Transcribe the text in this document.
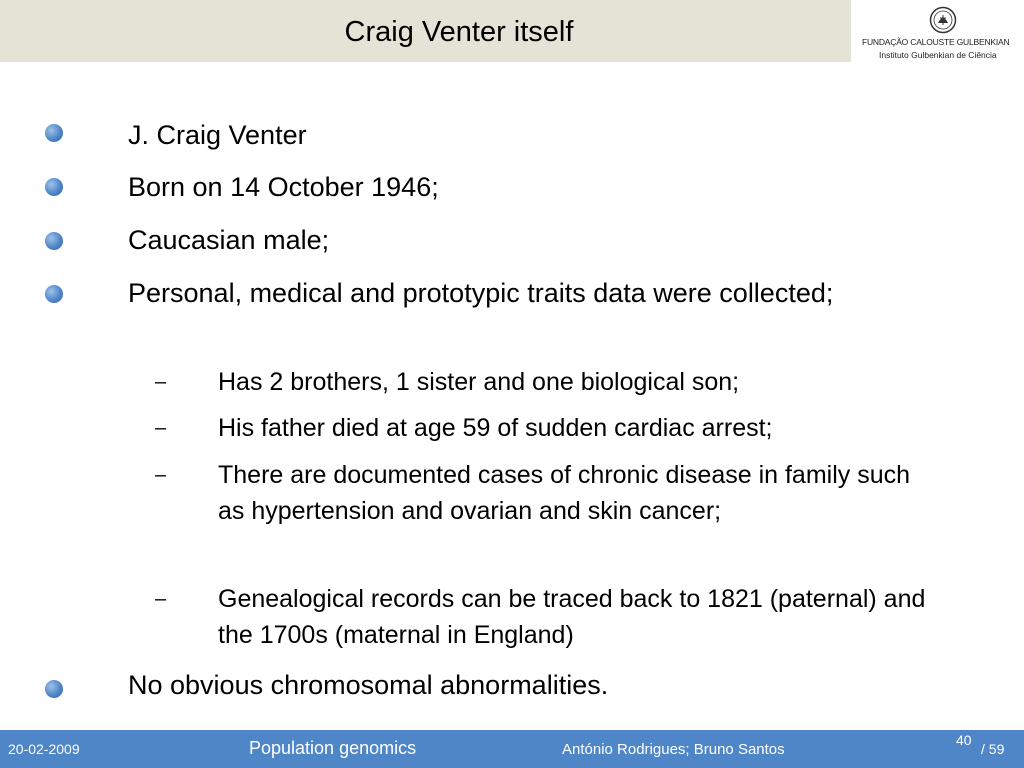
Craig Venter itself	FUNDAÇÃO CALOUSTE GULBENKIAN
Instituto Gulbenkian de Ciência
J. Craig Venter
Born on 14 October 1946;
Caucasian male;
Personal, medical and prototypic traits data were collected;
– Has 2 brothers, 1 sister and one biological son;
– His father died at age 59 of sudden cardiac arrest;
– There are documented cases of chronic disease in family such as hypertension and ovarian and skin cancer;
– Genealogical records can be traced back to 1821 (paternal) and the 1700s (maternal in England)
No obvious chromosomal abnormalities.
20-02-2009	Population genomics	António Rodrigues; Bruno Santos
40
/ 59
